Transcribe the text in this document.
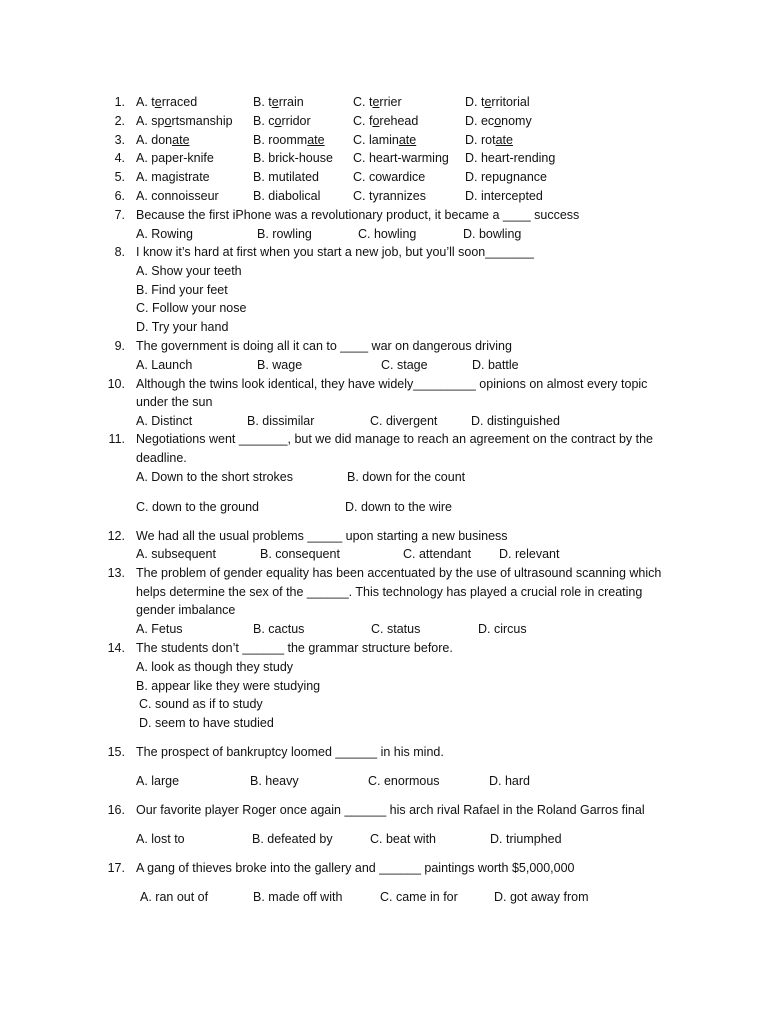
1. A. terraced	B. terrain	C. terrier	D. territorial
2. A. sportsmanship B. corridor	C. forehead	D. economy
3. A. donate	B. roommate C. laminate	D. rotate
4. A. paper-knife	B. brick-house C. heart-warming D. heart-rending
5. A. magistrate	B. mutilated	C. cowardice	D. repugnance
6. A. connoisseur	B. diabolical	C. tyrannizes	D. intercepted
7. Because the first iPhone was a revolutionary product, it became a ____ success
A. Rowing	B. rowling	C. howling	D. bowling
8. I know it’s hard at first when you start a new job, but you’ll soon_______
A. Show your teeth
B. Find your feet
C. Follow your nose
D. Try your hand
9. The government is doing all it can to ____ war on dangerous driving
A. Launch	B. wage	C. stage	D. battle
10. Although the twins look identical, they have widely_________ opinions on almost every topic
under the sun
A. Distinct	B. dissimilar	C. divergent	D. distinguished
11. Negotiations went _______, but we did manage to reach an agreement on the contract by the
deadline.
A. Down to the short strokes	B. down for the count
C. down to the ground	D. down to the wire
12. We had all the usual problems _____ upon starting a new business
A. subsequent	B. consequent	C. attendant D. relevant
13. The problem of gender equality has been accentuated by the use of ultrasound scanning which
helps determine the sex of the ______. This technology has played a crucial role in creating
gender imbalance
A. Fetus	B. cactus	C. status	D. circus
14. The students don’t ______ the grammar structure before.
A. look as though they study
B. appear like they were studying
C. sound as if to study
D. seem to have studied
15. The prospect of bankruptcy loomed ______ in his mind.
A. large	B. heavy	C. enormous	D. hard
16. Our favorite player Roger once again ______ his arch rival Rafael in the Roland Garros final
A. lost to	B. defeated by	C. beat with	D. triumphed
17. A gang of thieves broke into the gallery and ______ paintings worth $5,000,000
A. ran out of	B. made off with	C. came in for	D. got away from
